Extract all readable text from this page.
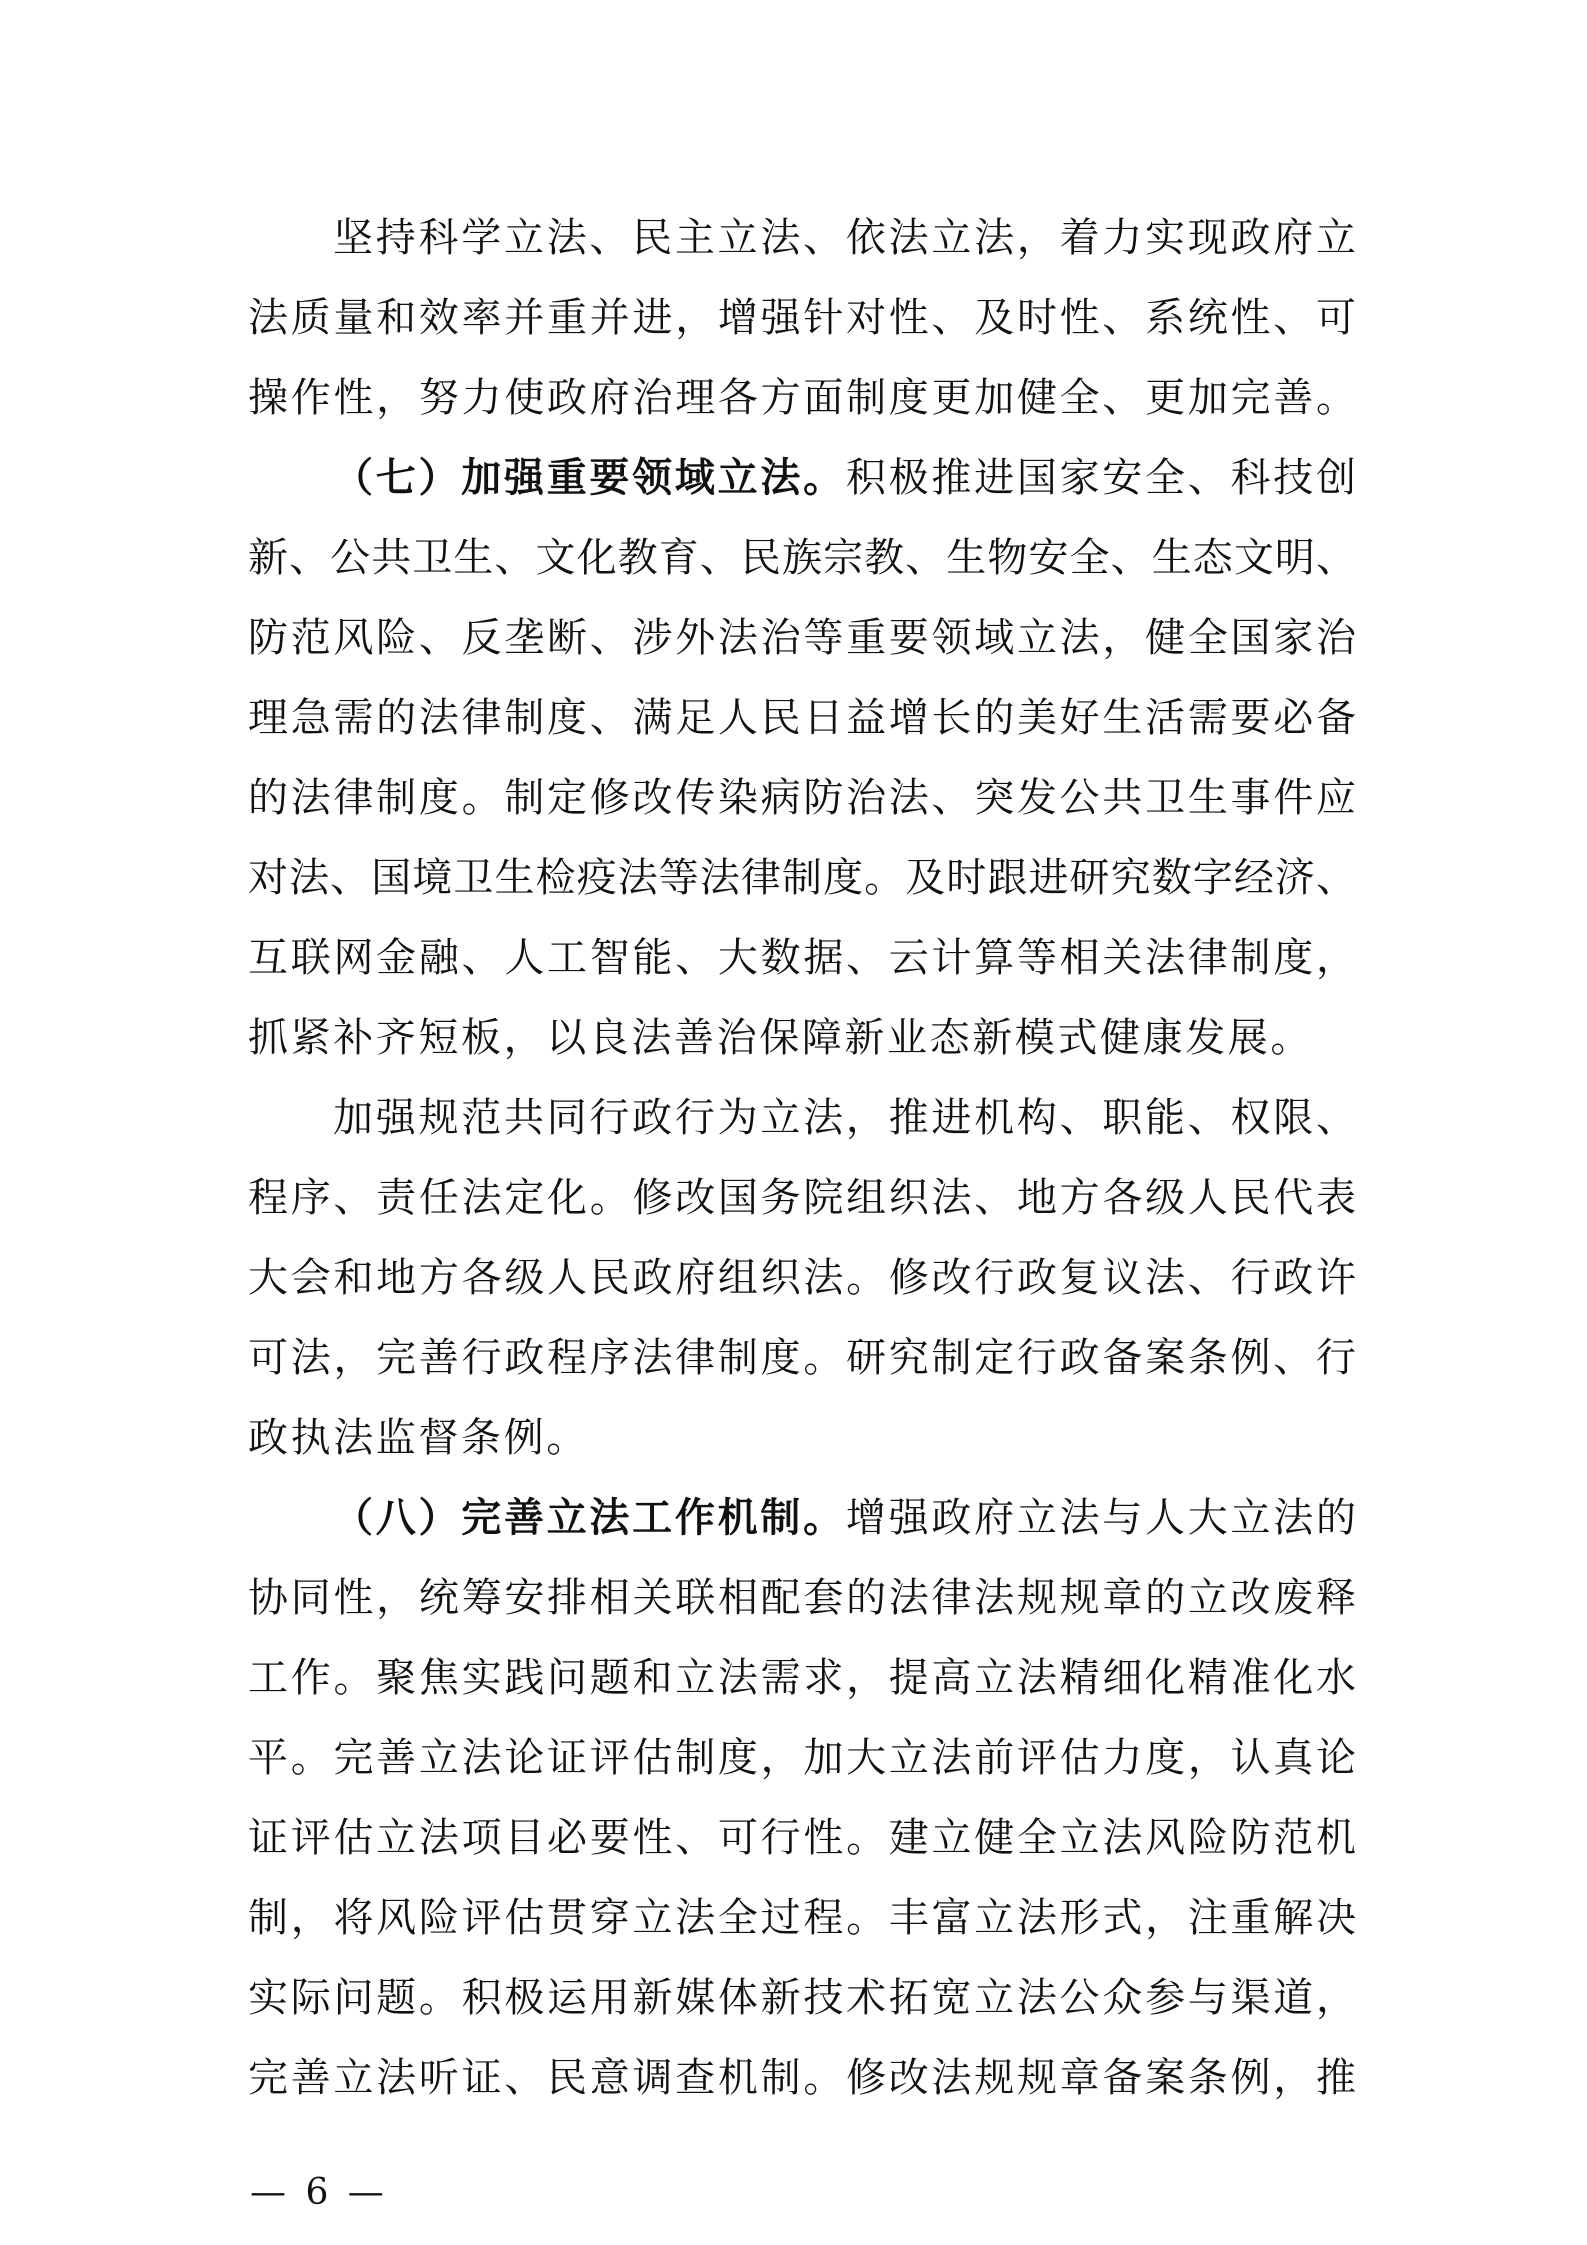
坚持科学立法、民主立法、依法立法，着力实现政府立
法质量和效率并重并进，增强针对性、及时性、系统性、可
操作性，努力使政府治理各方面制度更加健全、更加完善。
（七）加强重要领域立法。积极推进国家安全、科技创
新、公共卫生、文化教育、民族宗教、生物安全、生态文明、
防范风险、反垄断、涉外法治等重要领域立法，健全国家治
理急需的法律制度、满足人民日益增长的美好生活需要必备
的法律制度。制定修改传染病防治法、突发公共卫生事件应
对法、国境卫生检疫法等法律制度。及时跟进研究数字经济、
互联网金融、人工智能、大数据、云计算等相关法律制度，
抓紧补齐短板，以良法善治保障新业态新模式健康发展。
加强规范共同行政行为立法，推进机构、职能、权限、
程序、责任法定化。修改国务院组织法、地方各级人民代表
大会和地方各级人民政府组织法。修改行政复议法、行政许
可法，完善行政程序法律制度。研究制定行政备案条例、行
政执法监督条例。
（八）完善立法工作机制。增强政府立法与人大立法的
协同性，统筹安排相关联相配套的法律法规规章的立改废释
工作。聚焦实践问题和立法需求，提高立法精细化精准化水
平。完善立法论证评估制度，加大立法前评估力度，认真论
证评估立法项目必要性、可行性。建立健全立法风险防范机
制，将风险评估贯穿立法全过程。丰富立法形式，注重解决
实际问题。积极运用新媒体新技术拓宽立法公众参与渠道，
完善立法听证、民意调查机制。修改法规规章备案条例，推
— 6 —
